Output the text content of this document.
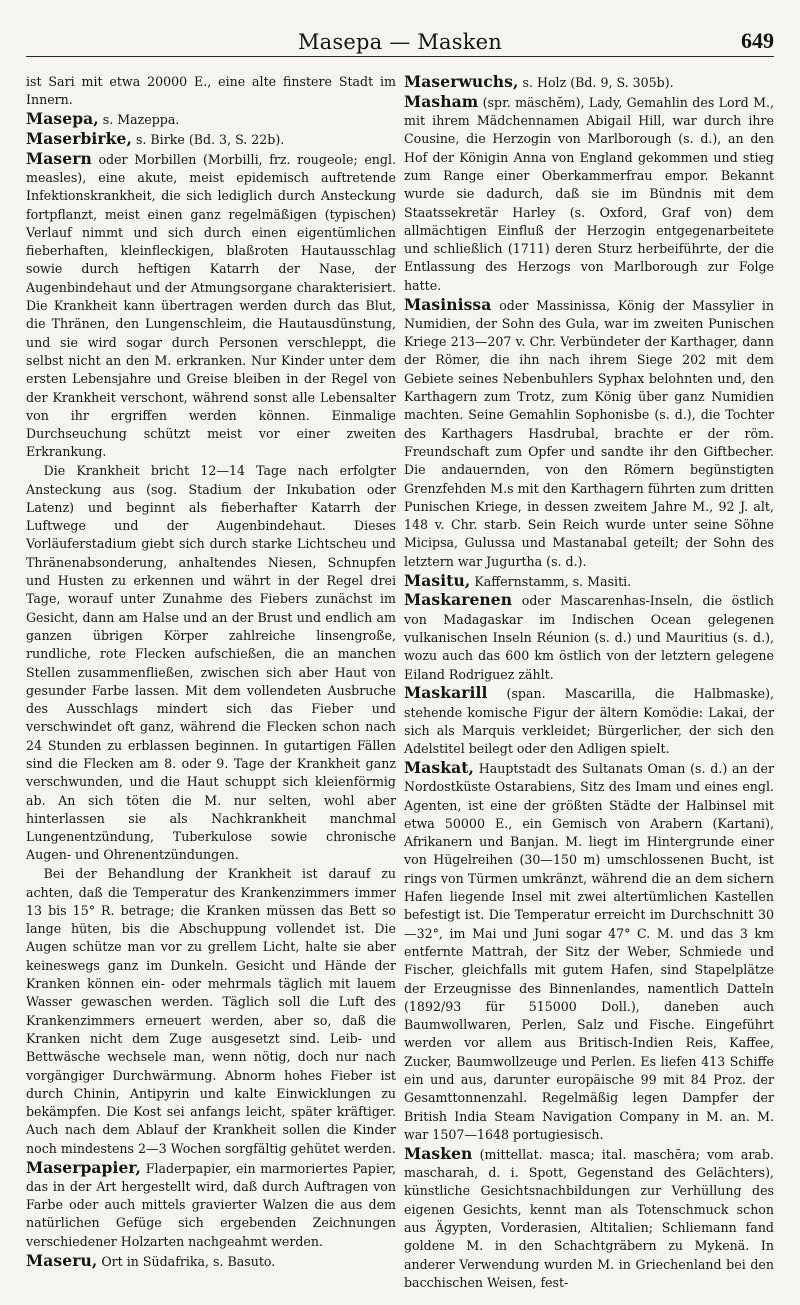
Masepa — Masken	649

ist Sari mit etwa 20000 E., eine alte finstere Stadt im Innern.

Masepa, s. Mazeppa.

Maserbirke, s. Birke (Bd. 3, S. 22b).

Masern oder Morbillen (Morbilli, frz. rougeole; engl. measles), eine akute, meist epidemisch auftretende Infektionskrankheit, die sich lediglich durch Ansteckung fortpflanzt, meist einen ganz regelmäßigen (typischen) Verlauf nimmt und sich durch einen eigentümlichen fieberhaften, kleinfleckigen, blaßroten Hautausschlag sowie durch heftigen Katarrh der Nase, der Augenbindehaut und der Atmungsorgane charakterisiert. Die Krankheit kann übertragen werden durch das Blut, die Thränen, den Lungenschleim, die Hautausdünstung, und sie wird sogar durch Personen verschleppt, die selbst nicht an den M. erkranken. Nur Kinder unter dem ersten Lebensjahre und Greise bleiben in der Regel von der Krankheit verschont, während sonst alle Lebensalter von ihr ergriffen werden können. Einmalige Durchseuchung schützt meist vor einer zweiten Erkrankung.

Die Krankheit bricht 12—14 Tage nach erfolgter Ansteckung aus (sog. Stadium der Inkubation oder Latenz) und beginnt als fieberhafter Katarrh der Luftwege und der Augenbindehaut. Dieses Vorläuferstadium giebt sich durch starke Lichtscheu und Thränenabsonderung, anhaltendes Niesen, Schnupfen und Husten zu erkennen und währt in der Regel drei Tage, worauf unter Zunahme des Fiebers zunächst im Gesicht, dann am Halse und an der Brust und endlich am ganzen übrigen Körper zahlreiche linsengroße, rundliche, rote Flecken aufschießen, die an manchen Stellen zusammenfließen, zwischen sich aber Haut von gesunder Farbe lassen. Mit dem vollendeten Ausbruche des Ausschlags mindert sich das Fieber und verschwindet oft ganz, während die Flecken schon nach 24 Stunden zu erblassen beginnen. In gutartigen Fällen sind die Flecken am 8. oder 9. Tage der Krankheit ganz verschwunden, und die Haut schuppt sich kleienförmig ab. An sich töten die M. nur selten, wohl aber hinterlassen sie als Nachkrankheit manchmal Lungenentzündung, Tuberkulose sowie chronische Augen- und Ohrenentzündungen.

Bei der Behandlung der Krankheit ist darauf zu achten, daß die Temperatur des Krankenzimmers immer 13 bis 15° R. betrage; die Kranken müssen das Bett so lange hüten, bis die Abschuppung vollendet ist. Die Augen schütze man vor zu grellem Licht, halte sie aber keineswegs ganz im Dunkeln. Gesicht und Hände der Kranken können ein- oder mehrmals täglich mit lauem Wasser gewaschen werden. Täglich soll die Luft des Krankenzimmers erneuert werden, aber so, daß die Kranken nicht dem Zuge ausgesetzt sind. Leib- und Bettwäsche wechsele man, wenn nötig, doch nur nach vorgängiger Durchwärmung. Abnorm hohes Fieber ist durch Chinin, Antipyrin und kalte Einwicklungen zu bekämpfen. Die Kost sei anfangs leicht, später kräftiger. Auch nach dem Ablauf der Krankheit sollen die Kinder noch mindestens 2—3 Wochen sorgfältig gehütet werden.

Maserpapier, Fladerpapier, ein marmoriertes Papier, das in der Art hergestellt wird, daß durch Auftragen von Farbe oder auch mittels gravierter Walzen die aus dem natürlichen Gefüge sich ergebenden Zeichnungen verschiedener Holzarten nachgeahmt werden.

Maseru, Ort in Südafrika, s. Basuto.

Maserwuchs, s. Holz (Bd. 9, S. 305b).

Masham (spr. mäschĕm), Lady, Gemahlin des Lord M., mit ihrem Mädchennamen Abigail Hill, war durch ihre Cousine, die Herzogin von Marlborough (s. d.), an den Hof der Königin Anna von England gekommen und stieg zum Range einer Oberkammerfrau empor. Bekannt wurde sie dadurch, daß sie im Bündnis mit dem Staatssekretär Harley (s. Oxford, Graf von) dem allmächtigen Einfluß der Herzogin entgegenarbeitete und schließlich (1711) deren Sturz herbeiführte, der die Entlassung des Herzogs von Marlborough zur Folge hatte.

Masinissa oder Massinissa, König der Massylier in Numidien, der Sohn des Gula, war im zweiten Punischen Kriege 213—207 v. Chr. Verbündeter der Karthager, dann der Römer, die ihn nach ihrem Siege 202 mit dem Gebiete seines Nebenbuhlers Syphax belohnten und, den Karthagern zum Trotz, zum König über ganz Numidien machten. Seine Gemahlin Sophonisbe (s. d.), die Tochter des Karthagers Hasdrubal, brachte er der röm. Freundschaft zum Opfer und sandte ihr den Giftbecher. Die andauernden, von den Römern begünstigten Grenzfehden M.s mit den Karthagern führten zum dritten Punischen Kriege, in dessen zweitem Jahre M., 92 J. alt, 148 v. Chr. starb. Sein Reich wurde unter seine Söhne Micipsa, Gulussa und Mastanabal geteilt; der Sohn des letztern war Jugurtha (s. d.).

Masitu, Kaffernstamm, s. Masiti.

Maskarenen oder Mascarenhas-Inseln, die östlich von Madagaskar im Indischen Ocean gelegenen vulkanischen Inseln Réunion (s. d.) und Mauritius (s. d.), wozu auch das 600 km östlich von der letztern gelegene Eiland Rodriguez zählt.

Maskarill (span. Mascarilla, die Halbmaske), stehende komische Figur der ältern Komödie: Lakai, der sich als Marquis verkleidet; Bürgerlicher, der sich den Adelstitel beilegt oder den Adligen spielt.

Maskat, Hauptstadt des Sultanats Oman (s. d.) an der Nordostküste Ostarabiens, Sitz des Imam und eines engl. Agenten, ist eine der größten Städte der Halbinsel mit etwa 50000 E., ein Gemisch von Arabern (Kartani), Afrikanern und Banjan. M. liegt im Hintergrunde einer von Hügelreihen (30—150 m) umschlossenen Bucht, ist rings von Türmen umkränzt, während die an dem sichern Hafen liegende Insel mit zwei altertümlichen Kastellen befestigt ist. Die Temperatur erreicht im Durchschnitt 30—32°, im Mai und Juni sogar 47° C. M. und das 3 km entfernte Mattrah, der Sitz der Weber, Schmiede und Fischer, gleichfalls mit gutem Hafen, sind Stapelplätze der Erzeugnisse des Binnenlandes, namentlich Datteln (1892/93 für 515000 Doll.), daneben auch Baumwollwaren, Perlen, Salz und Fische. Eingeführt werden vor allem aus Britisch-Indien Reis, Kaffee, Zucker, Baumwollzeuge und Perlen. Es liefen 413 Schiffe ein und aus, darunter europäische 99 mit 84 Proz. der Gesamttonnenzahl. Regelmäßig legen Dampfer der British India Steam Navigation Company in M. an. M. war 1507—1648 portugiesisch.

Masken (mittellat. masca; ital. maschĕra; vom arab. mascharah, d. i. Spott, Gegenstand des Gelächters), künstliche Gesichtsnachbildungen zur Verhüllung des eigenen Gesichts, kennt man als Totenschmuck schon aus Ägypten, Vorderasien, Altitalien; Schliemann fand goldene M. in den Schachtgräbern zu Mykenä. In anderer Verwendung wurden M. in Griechenland bei den bacchischen Weisen, fest-
